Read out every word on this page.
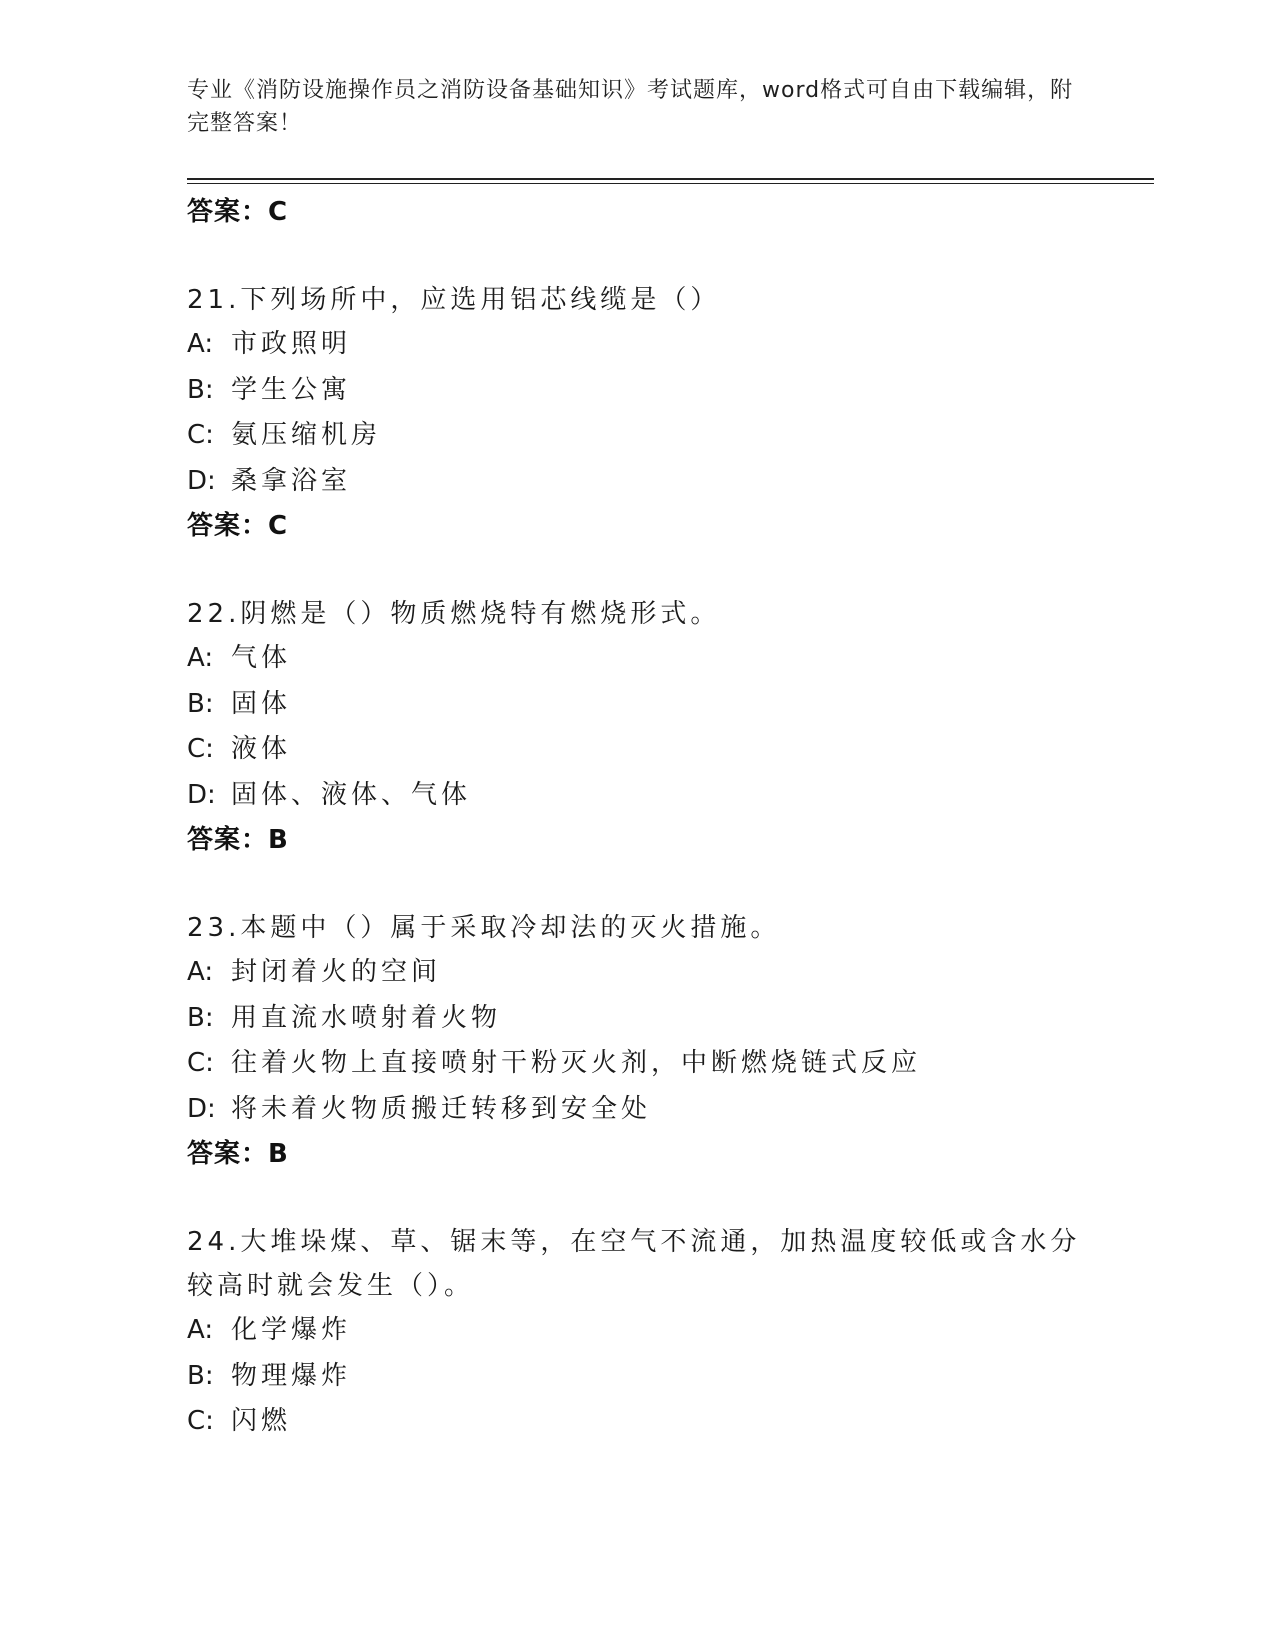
专业《消防设施操作员之消防设备基础知识》考试题库，word格式可自由下载编辑，附完整答案！
答案：C
21.下列场所中，应选用铝芯线缆是（）
A: 市政照明
B: 学生公寓
C: 氨压缩机房
D: 桑拿浴室
答案：C
22.阴燃是（）物质燃烧特有燃烧形式。
A: 气体
B: 固体
C: 液体
D: 固体、液体、气体
答案：B
23.本题中（）属于采取冷却法的灭火措施。
A: 封闭着火的空间
B: 用直流水喷射着火物
C: 往着火物上直接喷射干粉灭火剂，中断燃烧链式反应
D: 将未着火物质搬迁转移到安全处
答案：B
24.大堆垛煤、草、锯末等，在空气不流通，加热温度较低或含水分较高时就会发生（）。
A: 化学爆炸
B: 物理爆炸
C: 闪燃
